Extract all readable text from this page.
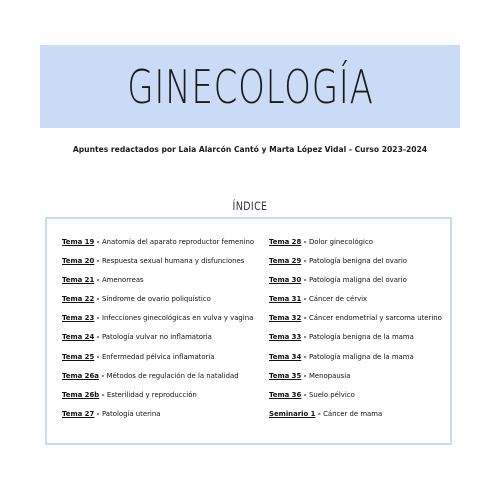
GINECOLOGÍA
Apuntes redactados por Laia Alarcón Cantó y Marta López Vidal - Curso 2023-2024
ÍNDICE
Tema 19 - Anatomía del aparato reproductor femenino
Tema 20 - Respuesta sexual humana y disfunciones
Tema 21 - Amenorreas
Tema 22 - Síndrome de ovario poliquístico
Tema 23 - Infecciones ginecológicas en vulva y vagina
Tema 24 - Patología vulvar no inflamatoria
Tema 25 - Enfermedad pélvica inflamatoria
Tema 26a - Métodos de regulación de la natalidad
Tema 26b - Esterilidad y reproducción
Tema 27 - Patología uterina
Tema 28 - Dolor ginecológico
Tema 29 - Patología benigna del ovario
Tema 30 - Patología maligna del ovario
Tema 31 - Cáncer de cérvix
Tema 32 - Cáncer endometrial y sarcoma uterino
Tema 33 - Patología benigna de la mama
Tema 34 - Patología maligna de la mama
Tema 35 - Menopausia
Tema 36 - Suelo pélvico
Seminario 1 - Cáncer de mama
